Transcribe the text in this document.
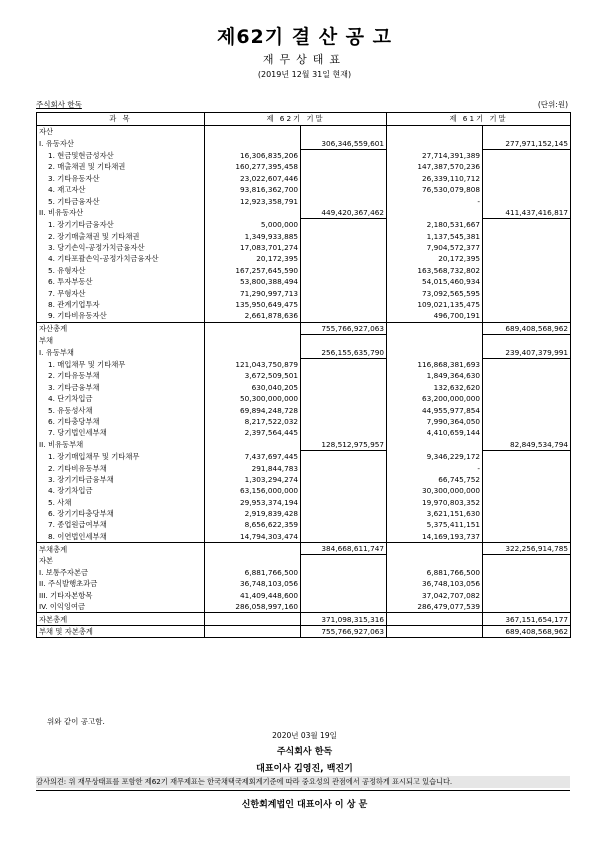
제62기 결 산 공 고
재무상태표
(2019년 12월 31일 현재)
주식회사 한독	(단위:원)
과 목	제 62기 기말		제 61기 기말	
자산				
I. 유동자산		306,346,559,601		277,971,152,145
1. 현금및현금성자산	16,306,835,206		27,714,391,389	
2. 매출채권 및 기타채권	160,277,395,458		147,387,570,236	
3. 기타유동자산	23,022,607,446		26,339,110,712	
4. 재고자산	93,816,362,700		76,530,079,808	
5. 기타금융자산	12,923,358,791		-	
II. 비유동자산		449,420,367,462		411,437,416,817
1. 장기기타금융자산	5,000,000		2,180,531,667	
2. 장기매출채권 및 기타채권	1,349,933,885		1,137,545,381	
3. 당기손익-공정가치금융자산	17,083,701,274		7,904,572,377	
4. 기타포괄손익-공정가치금융자산	20,172,395		20,172,395	
5. 유형자산	167,257,645,590		163,568,732,802	
6. 투자부동산	53,800,388,494		54,015,460,934	
7. 무형자산	71,290,997,713		73,092,565,595	
8. 관계기업투자	135,950,649,475		109,021,135,475	
9. 기타비유동자산	2,661,878,636		496,700,191	
자산총계		755,766,927,063		689,408,568,962
부채				
I. 유동부채		256,155,635,790		239,407,379,991
1. 매입채무 및 기타채무	121,043,750,879		116,868,381,693	
2. 기타유동부채	3,672,509,501		1,849,364,630	
3. 기타금융부채	630,040,205		132,632,620	
4. 단기차입금	50,300,000,000		63,200,000,000	
5. 유동성사채	69,894,248,728		44,955,977,854	
6. 기타충당부채	8,217,522,032		7,990,364,050	
7. 당기법인세부채	2,397,564,445		4,410,659,144	
II. 비유동부채		128,512,975,957		82,849,534,794
1. 장기매입채무 및 기타채무	7,437,697,445		9,346,229,172	
2. 기타비유동부채	291,844,783		-	
3. 장기기타금융부채	1,303,294,274		66,745,752	
4. 장기차입금	63,156,000,000		30,300,000,000	
5. 사채	29,953,374,194		19,970,803,352	
6. 장기기타충당부채	2,919,839,428		3,621,151,630	
7. 종업원급여부채	8,656,622,359		5,375,411,151	
8. 이연법인세부채	14,794,303,474		14,169,193,737	
부채총계		384,668,611,747		322,256,914,785
자본				
I. 보통주자본금	6,881,766,500		6,881,766,500	
II. 주식발행초과금	36,748,103,056		36,748,103,056	
III. 기타자본항목	41,409,448,600		37,042,707,082	
IV. 이익잉여금	286,058,997,160		286,479,077,539	
자본총계		371,098,315,316		367,151,654,177
부채 및 자본총계		755,766,927,063		689,408,568,962
위와 같이 공고함.
2020년 03월 19일
주식회사 한독
대표이사 김영진, 백진기
감사의견: 위 재무상태표를 포함한 제62기 재무제표는 한국채택국제회계기준에 따라 중요성의 관점에서 공정하게 표시되고 있습니다.
신한회계법인 대표이사 이 상 문
